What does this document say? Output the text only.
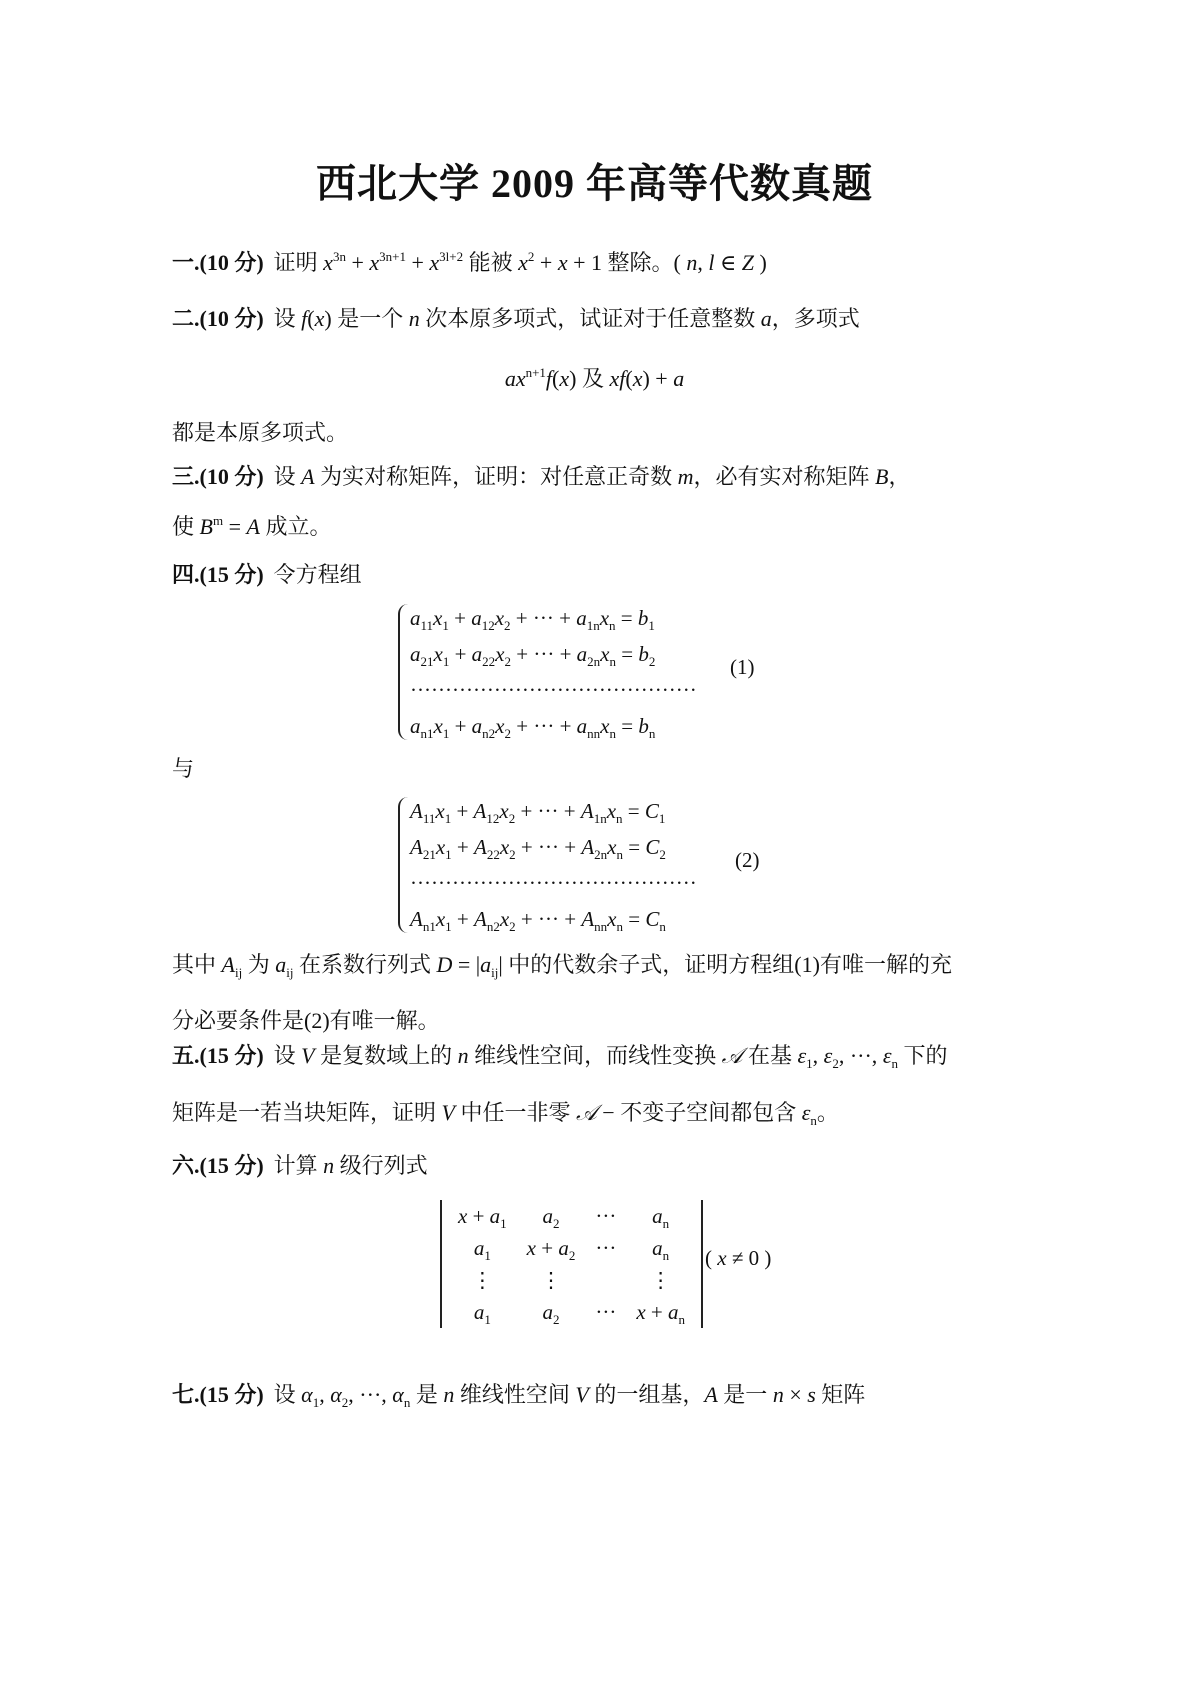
西北大学 2009 年高等代数真题
一.(10 分) 证明 $x^{3n} + x^{3n+1} + x^{3l+2}$ 能被 $x^2 + x + 1$ 整除。( n, l ∈ Z )
二.(10 分) 设 f(x) 是一个 n 次本原多项式，试证对于任意整数 a，多项式
$ax^{n+1}f(x)$ 及 xf(x) + a
都是本原多项式。
三.(10 分) 设 A 为实对称矩阵，证明：对任意正奇数 m，必有实对称矩阵 B，
使 $B^m = A$ 成立。
四.(15 分) 令方程组
$a_{11}x_1 + a_{12}x_2$ + ··· + $a_{1n}x_n = b_1$
$a_{21}x_1 + a_{22}x_2$ + ··· + $a_{2n}x_n = b_2$
·········································
$a_{n1}x_1 + a_{n2}x_2$ + ··· + $a_{nn}x_n = b_n$
(1)
与
$A_{11}x_1 + A_{12}x_2$ + ··· + $A_{1n}x_n = C_1$
$A_{21}x_1 + A_{22}x_2$ + ··· + $A_{2n}x_n = C_2$
·········································
$A_{n1}x_1 + A_{n2}x_2$ + ··· + $A_{nn}x_n = C_n$
(2)
其中 $A_{ij}$ 为 $a_{ij}$ 在系数行列式 $D = |a_{ij}|$ 中的代数余子式，证明方程组(1)有唯一解的充
分必要条件是(2)有唯一解。
五.(15 分) 设 V 是复数域上的 n 维线性空间，而线性变换 𝒜 在基 $\varepsilon_1$, $\varepsilon_2$, ···, $\varepsilon_n$ 下的
矩阵是一若当块矩阵，证明 V 中任一非零 𝒜 − 不变子空间都包含 $\varepsilon_n$。
六.(15 分) 计算 n 级行列式
$x + a_1$	$a_2$	···	$a_n$
$a_1$	$x + a_2$	···	$a_n$
⋮	⋮		⋮
$a_1$	$a_2$	···	$x + a_n$
( x ≠ 0 )
七.(15 分) 设 $\alpha_1$, $\alpha_2$, ···, $\alpha_n$ 是 n 维线性空间 V 的一组基，A 是一 n × s 矩阵
